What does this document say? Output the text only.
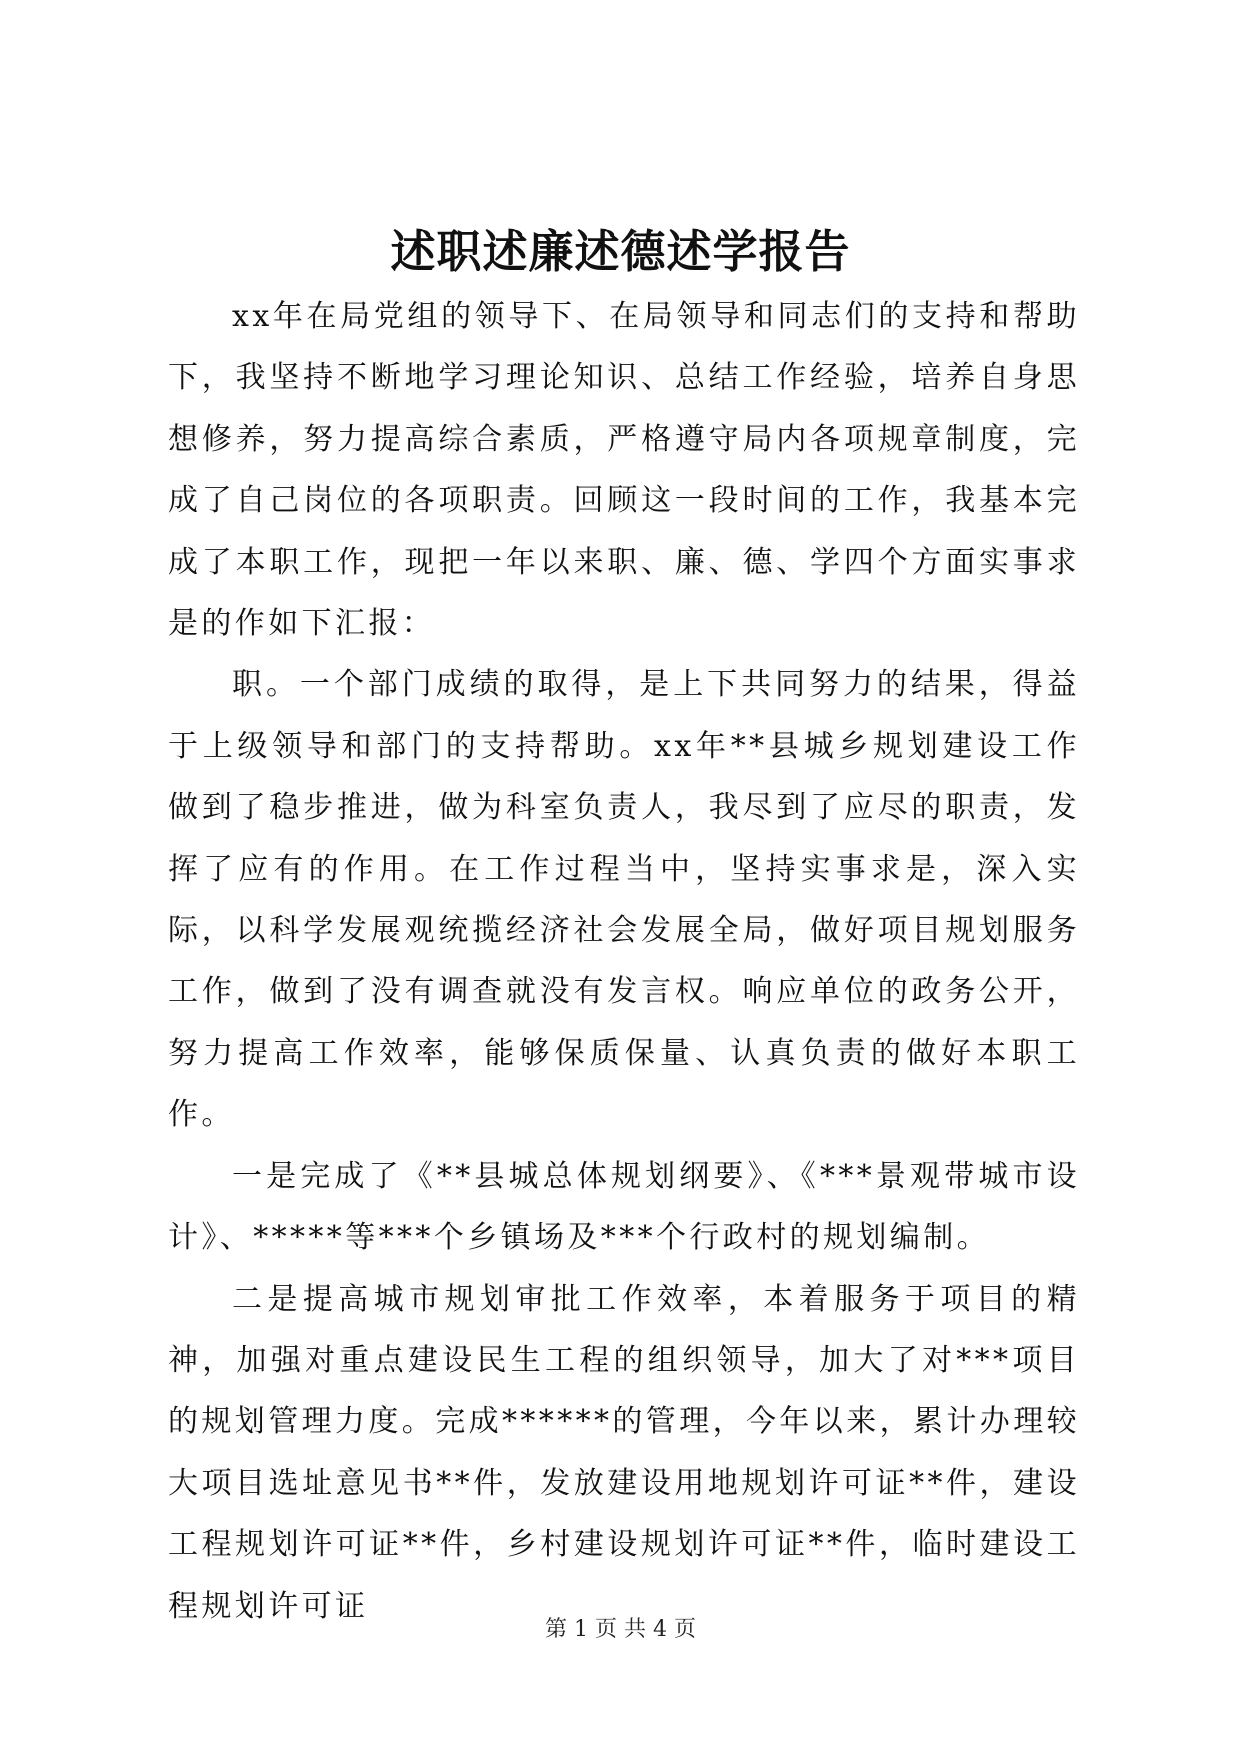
述职述廉述德述学报告

xx年在局党组的领导下、在局领导和同志们的支持和帮助下，我坚持不断地学习理论知识、总结工作经验，培养自身思想修养，努力提高综合素质，严格遵守局内各项规章制度，完成了自己岗位的各项职责。回顾这一段时间的工作，我基本完成了本职工作，现把一年以来职、廉、德、学四个方面实事求是的作如下汇报：

职。一个部门成绩的取得，是上下共同努力的结果，得益于上级领导和部门的支持帮助。xx年**县城乡规划建设工作做到了稳步推进，做为科室负责人，我尽到了应尽的职责，发挥了应有的作用。在工作过程当中，坚持实事求是，深入实际，以科学发展观统揽经济社会发展全局，做好项目规划服务工作，做到了没有调查就没有发言权。响应单位的政务公开，努力提高工作效率，能够保质保量、认真负责的做好本职工作。

一是完成了《**县城总体规划纲要》、《***景观带城市设计》、*****等***个乡镇场及***个行政村的规划编制。

二是提高城市规划审批工作效率，本着服务于项目的精神，加强对重点建设民生工程的组织领导，加大了对***项目的规划管理力度。完成******的管理，今年以来，累计办理较大项目选址意见书**件，发放建设用地规划许可证**件，建设工程规划许可证**件，乡村建设规划许可证**件，临时建设工程规划许可证

第 1 页 共 4 页
